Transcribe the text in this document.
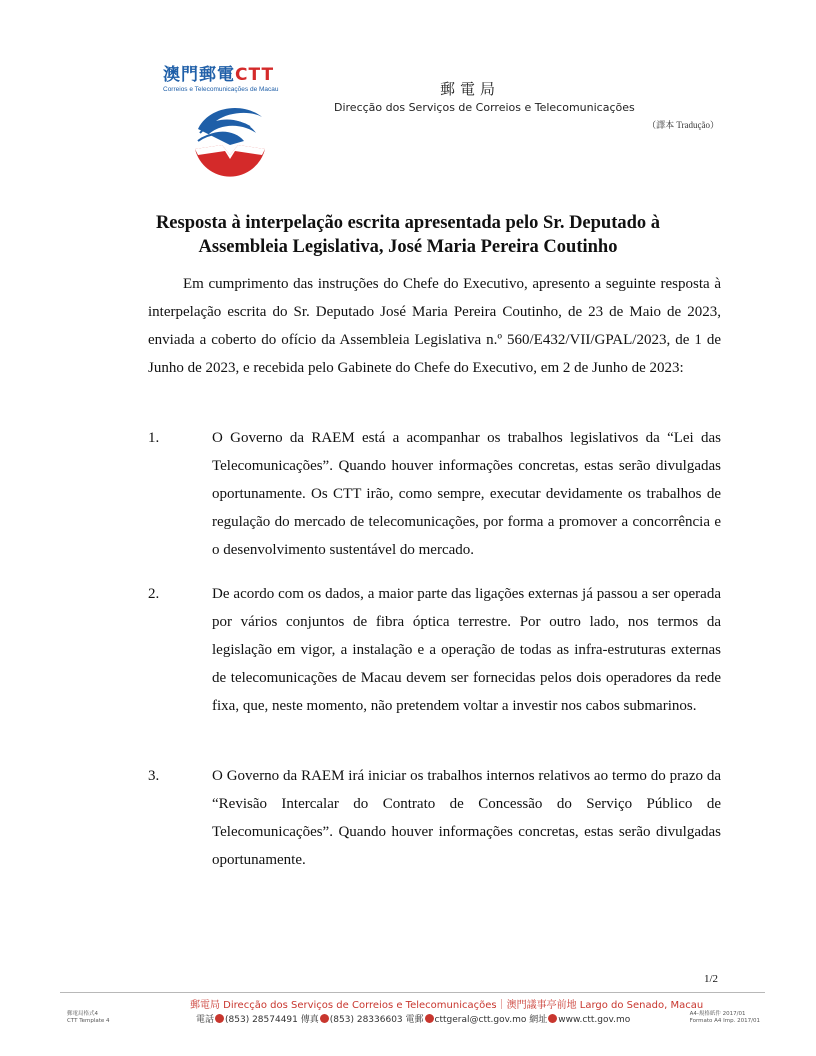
澳門郵電CTT
Correios e Telecomunicações de Macau	郵電局
Direcção dos Serviços de Correios e Telecomunicações
（譯本 Tradução）
Resposta à interpelação escrita apresentada pelo Sr. Deputado à
Assembleia Legislativa, José Maria Pereira Coutinho
Em cumprimento das instruções do Chefe do Executivo, apresento a seguinte resposta à interpelação escrita do Sr. Deputado José Maria Pereira Coutinho, de 23 de Maio de 2023, enviada a coberto do ofício da Assembleia Legislativa n.º 560/E432/VII/GPAL/2023, de 1 de Junho de 2023, e recebida pelo Gabinete do Chefe do Executivo, em 2 de Junho de 2023:
1.	O Governo da RAEM está a acompanhar os trabalhos legislativos da “Lei das Telecomunicações”. Quando houver informações concretas, estas serão divulgadas oportunamente. Os CTT irão, como sempre, executar devidamente os trabalhos de regulação do mercado de telecomunicações, por forma a promover a concorrência e o desenvolvimento sustentável do mercado.
2.	De acordo com os dados, a maior parte das ligações externas já passou a ser operada por vários conjuntos de fibra óptica terrestre. Por outro lado, nos termos da legislação em vigor, a instalação e a operação de todas as infra-estruturas externas de telecomunicações de Macau devem ser fornecidas pelos dois operadores da rede fixa, que, neste momento, não pretendem voltar a investir nos cabos submarinos.
3.	O Governo da RAEM irá iniciar os trabalhos internos relativos ao termo do prazo da “Revisão Intercalar do Contrato de Concessão do Serviço Público de Telecomunicações”. Quando houver informações concretas, estas serão divulgadas oportunamente.
1/2
郵電局格式4
CTT Template 4
郵電局 Direcção dos Serviços de Correios e Telecomunicações｜澳門議事亭前地 Largo do Senado, Macau
電話 (853) 28574491 傳真 (853) 28336603 電郵 cttgeral@ctt.gov.mo 網址 www.ctt.gov.mo
A4-規格紙件 2017/01
Formato A4 Imp. 2017/01
